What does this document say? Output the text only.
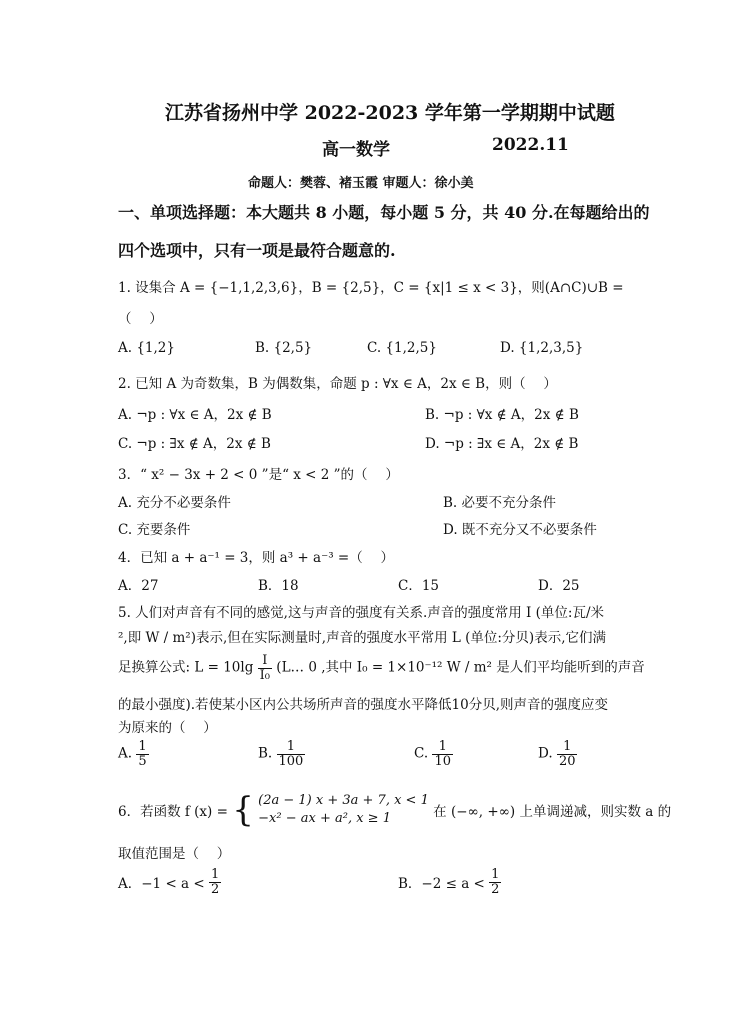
江苏省扬州中学 2022-2023 学年第一学期期中试题
高一数学	2022.11
命题人：樊蓉、褚玉霞 审题人：徐小美
一、单项选择题：本大题共 8 小题，每小题 5 分，共 40 分.在每题给出的
四个选项中，只有一项是最符合题意的.
1. 设集合 A = {−1,1,2,3,6}，B = {2,5}，C = {x|1 ≤ x < 3}，则(A∩C)∪B =
（　 ）
A. {1,2}	B. {2,5}	C. {1,2,5}	D. {1,2,3,5}
2. 已知 A 为奇数集，B 为偶数集，命题 p : ∀x ∈ A，2x ∈ B，则（　 ）
A. ¬p : ∀x ∈ A，2x ∉ B	B. ¬p : ∀x ∉ A，2x ∉ B
C. ¬p : ∃x ∉ A，2x ∉ B	D. ¬p : ∃x ∈ A，2x ∉ B
3．“ x² − 3x + 2 < 0 ”是“ x < 2 ”的（　 ）
A. 充分不必要条件	B. 必要不充分条件
C. 充要条件	D. 既不充分又不必要条件
4．已知 a + a⁻¹ = 3，则 a³ + a⁻³ =（　 ）
A．27	B．18	C．15	D．25
5. 人们对声音有不同的感觉,这与声音的强度有关系.声音的强度常用 I (单位:瓦/米
²,即 W / m²)表示,但在实际测量时,声音的强度水平常用 L (单位:分贝)表示,它们满
足换算公式: $L = 10\lg \frac{I}{\text{I₀}}$ (L… 0 ,其中 I₀ = 1×10⁻¹² W / m² 是人们平均能听到的声音
的最小强度).若使某小区内公共场所声音的强度水平降低10分贝,则声音的强度应变
为原来的（　 ）
A. $\frac{1}{5}$	B. $\frac{1}{100}$	C. $\frac{1}{10}$	D. $\frac{1}{20}$
6．若函数 f (x) = { (2a − 1) x + 3a + 7, x < 1
−x² − ax + a², x ≥ 1	在 (−∞, +∞) 上单调递减，则实数 a 的
取值范围是（　 ）
A．$-1 < a < \frac{1}{2}$	B．$-2 \le a < \frac{1}{2}$
